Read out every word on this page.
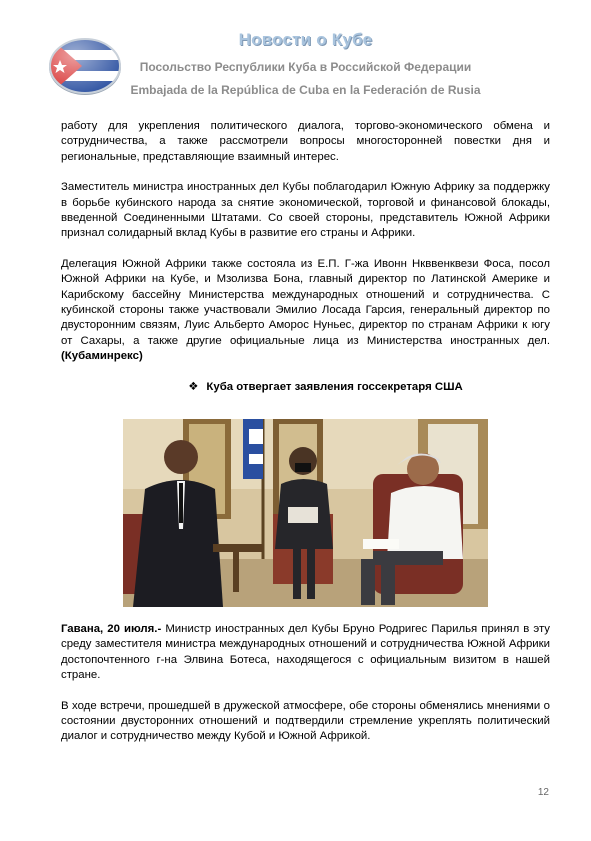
Новости о Кубе
Посольство Республики Куба в Российской Федерации
Embajada de la República de Cuba en la Federación de Rusia

работу для укрепления политического диалога, торгово-экономического обмена и сотрудничества, а также рассмотрели вопросы многосторонней повестки дня и региональные, представляющие взаимный интерес.

Заместитель министра иностранных дел Кубы поблагодарил Южную Африку за поддержку в борьбе кубинского народа за снятие экономической, торговой и финансовой блокады, введенной Соединенными Штатами. Со своей стороны, представитель Южной Африки признал солидарный вклад Кубы в развитие его страны и Африки.

Делегация Южной Африки также состояла из Е.П. Г-жа Ивонн Нкввенквези Фоса, посол Южной Африки на Кубе, и Мзолизва Бона, главный директор по Латинской Америке и Карибскому бассейну Министерства международных отношений и сотрудничества. С кубинской стороны также участвовали Эмилио Лосада Гарсия, генеральный директор по двусторонним связям, Луис Альберто Аморос Нуньес, директор по странам Африки к югу от Сахары, а также другие официальные лица из Министерства иностранных дел. (Кубаминрекс)

❖ Куба отвергает заявления госсекретаря США

Гавана, 20 июля.- Министр иностранных дел Кубы Бруно Родригес Парилья принял в эту среду заместителя министра международных отношений и сотрудничества Южной Африки достопочтенного г-на Элвина Ботеса, находящегося с официальным визитом в нашей стране.

В ходе встречи, прошедшей в дружеской атмосфере, обе стороны обменялись мнениями о состоянии двусторонних отношений и подтвердили стремление укреплять политический диалог и сотрудничество между Кубой и Южной Африкой.

12
